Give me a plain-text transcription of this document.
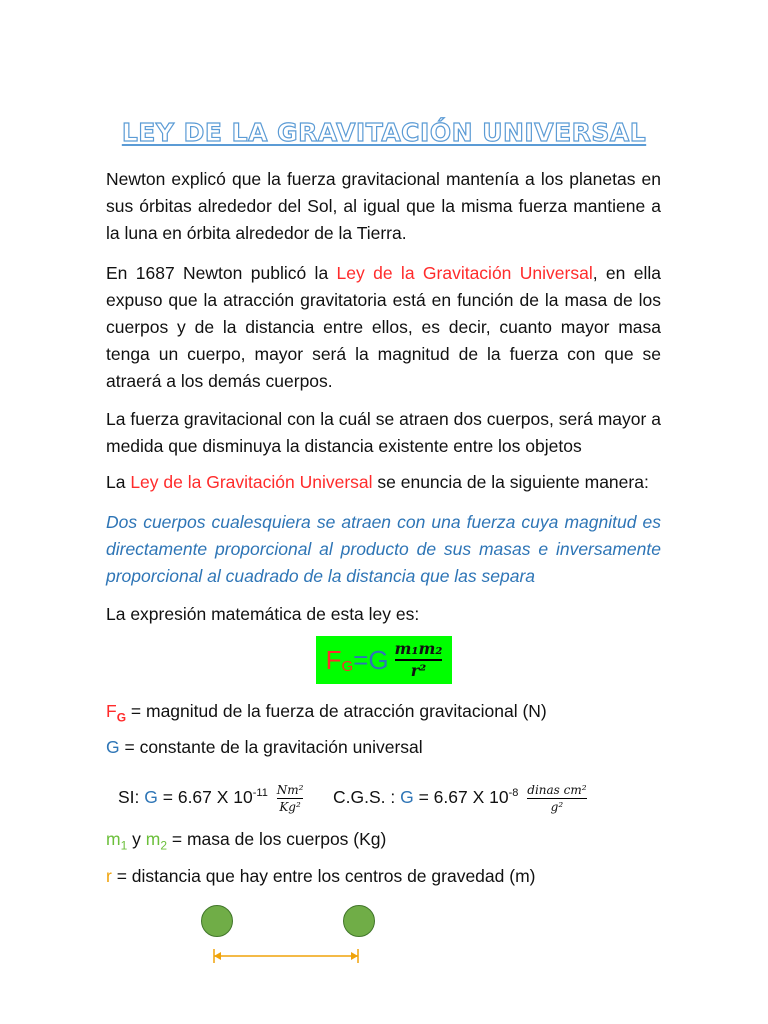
LEY DE LA GRAVITACIÓN UNIVERSAL

Newton explicó que la fuerza gravitacional mantenía a los planetas en sus órbitas alrededor del Sol, al igual que la misma fuerza mantiene a la luna en órbita alrededor de la Tierra.

En 1687 Newton publicó la Ley de la Gravitación Universal, en ella expuso que la atracción gravitatoria está en función de la masa de los cuerpos y de la distancia entre ellos, es decir, cuanto mayor masa tenga un cuerpo, mayor será la magnitud de la fuerza con que se atraerá a los demás cuerpos.

La fuerza gravitacional con la cuál se atraen dos cuerpos, será mayor a medida que disminuya la distancia existente entre los objetos

La Ley de la Gravitación Universal se enuncia de la siguiente manera:

Dos cuerpos cualesquiera se atraen con una fuerza cuya magnitud es directamente proporcional al producto de sus masas e inversamente proporcional al cuadrado de la distancia que las separa

La expresión matemática de esta ley es:

F G = G $\frac{\text{m₁m₂}}{\text{r²}}$
$F_G$ = magnitud de la fuerza de atracción gravitacional (N)
G = constante de la gravitación universal
SI: G = 6.67 X $10^{-11} \frac{\text{Nm²}}{\text{Kg²}} C.G.S$. : G = 6.67 X $10^{-8} \frac{\text{dinas cm²}}{\text{g²}}$
$m_1$ y $m_2$ = masa de los cuerpos (Kg)
r = distancia que hay entre los centros de gravedad (m)
